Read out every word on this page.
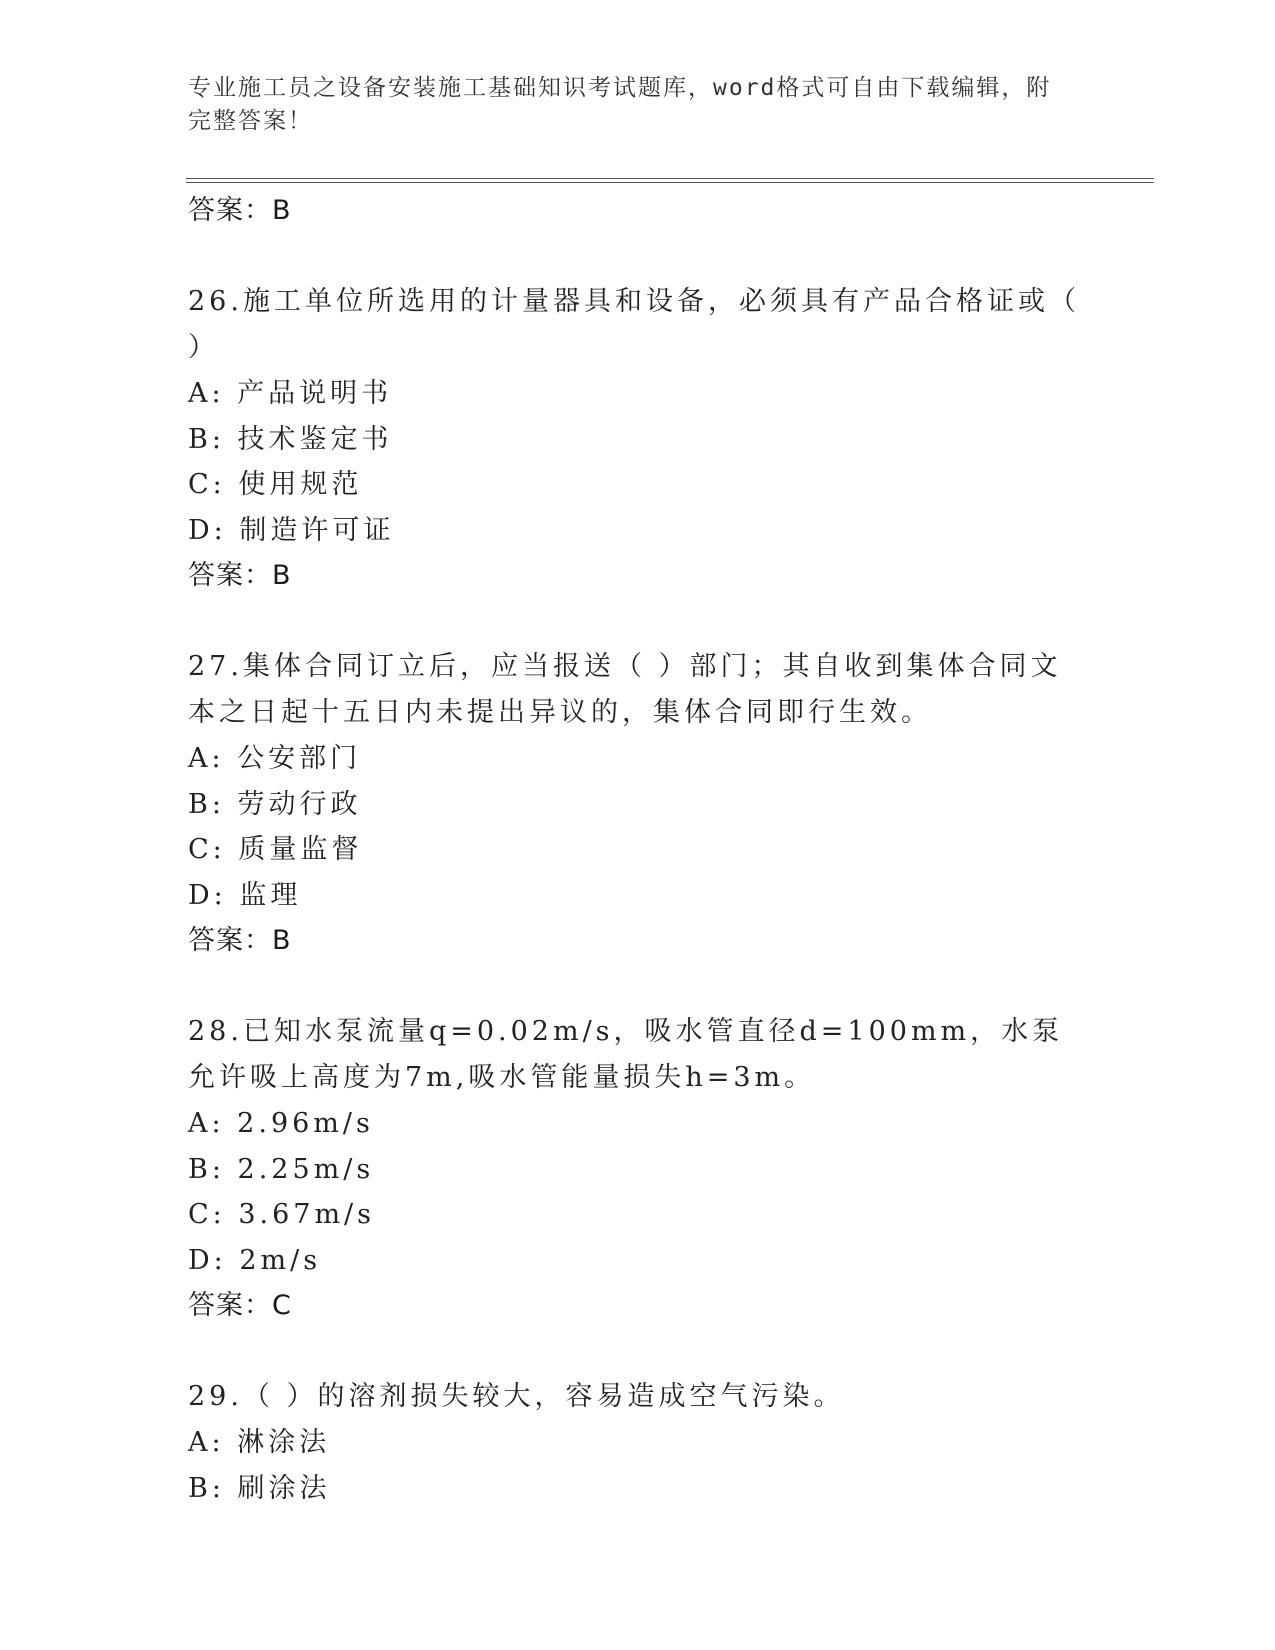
专业施工员之设备安装施工基础知识考试题库，word格式可自由下载编辑，附完整答案！
答案：B
26.施工单位所选用的计量器具和设备，必须具有产品合格证或（ ）
A: 产品说明书
B: 技术鉴定书
C: 使用规范
D: 制造许可证
答案：B
27.集体合同订立后，应当报送（ ）部门；其自收到集体合同文本之日起十五日内未提出异议的，集体合同即行生效。
A: 公安部门
B: 劳动行政
C: 质量监督
D: 监理
答案：B
28.已知水泵流量q=0.02m/s，吸水管直径d=100mm，水泵允许吸上高度为7m,吸水管能量损失h=3m。
A: 2.96m/s
B: 2.25m/s
C: 3.67m/s
D: 2m/s
答案：C
29.（ ）的溶剂损失较大，容易造成空气污染。
A: 淋涂法
B: 刷涂法
